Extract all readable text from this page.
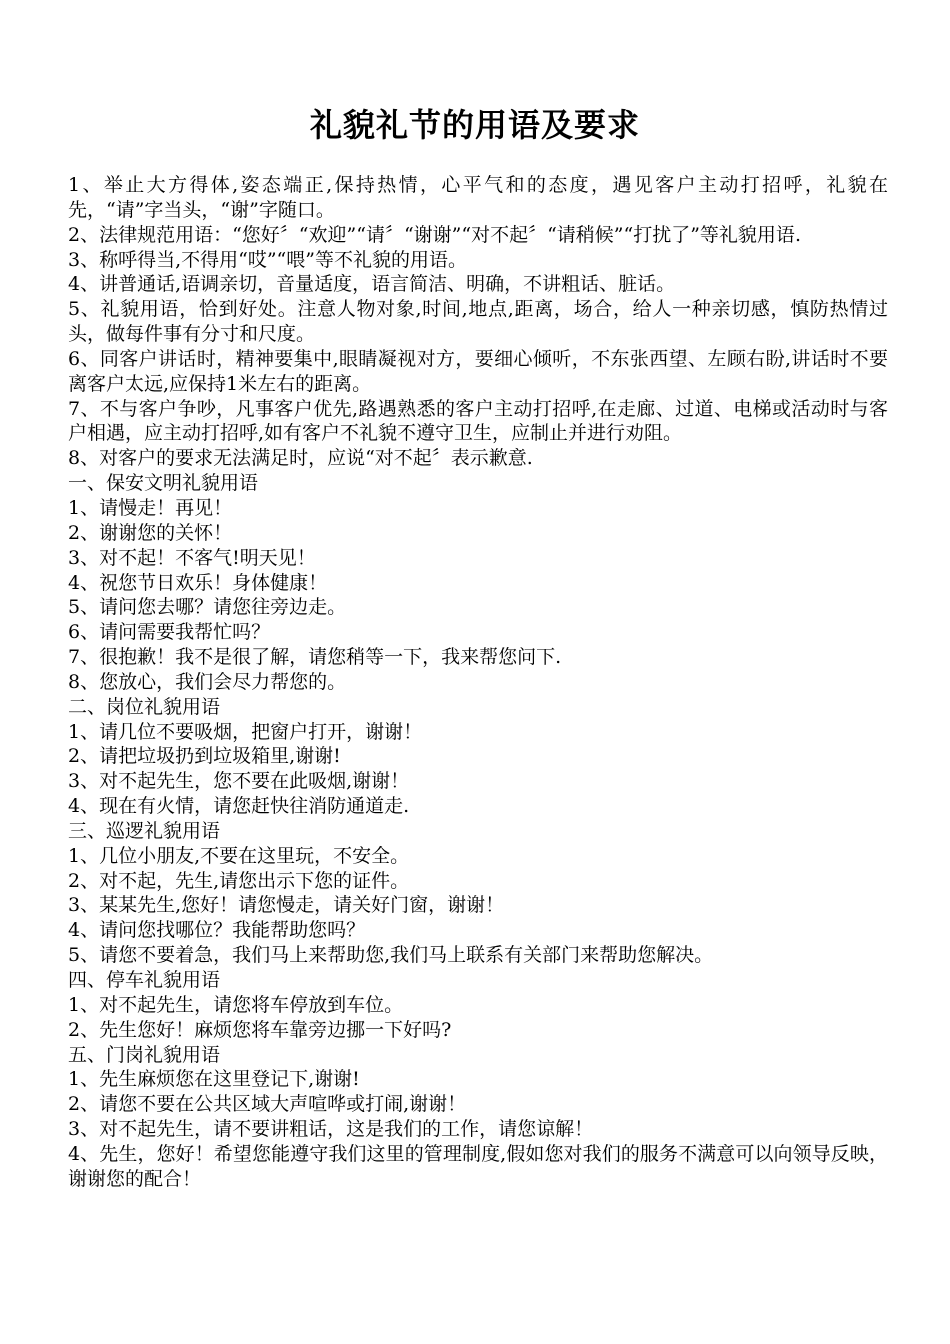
礼貌礼节的用语及要求

1、举止大方得体,姿态端正,保持热情，心平气和的态度，遇见客户主动打招呼，礼貌在先，“请”字当头，“谢”字随口。

2、法律规范用语：“您好〞“欢迎”“请〞“谢谢”“对不起〞“请稍候”“打扰了”等礼貌用语.

3、称呼得当,不得用“哎”“喂”等不礼貌的用语。

4、讲普通话,语调亲切，音量适度，语言简洁、明确，不讲粗话、脏话。

5、礼貌用语，恰到好处。注意人物对象,时间,地点,距离，场合，给人一种亲切感，慎防热情过头，做每件事有分寸和尺度。

6、同客户讲话时，精神要集中,眼睛凝视对方，要细心倾听，不东张西望、左顾右盼,讲话时不要离客户太远,应保持1米左右的距离。

7、不与客户争吵，凡事客户优先,路遇熟悉的客户主动打招呼,在走廊、过道、电梯或活动时与客户相遇，应主动打招呼,如有客户不礼貌不遵守卫生，应制止并进行劝阻。

8、对客户的要求无法满足时，应说“对不起〞表示歉意.

一、保安文明礼貌用语

1、请慢走！再见！

2、谢谢您的关怀！

3、对不起！不客气!明天见！

4、祝您节日欢乐！身体健康！

5、请问您去哪？请您往旁边走。

6、请问需要我帮忙吗？

7、很抱歉！我不是很了解，请您稍等一下，我来帮您问下.

8、您放心，我们会尽力帮您的。

二、岗位礼貌用语

1、请几位不要吸烟，把窗户打开，谢谢！

2、请把垃圾扔到垃圾箱里,谢谢!

3、对不起先生，您不要在此吸烟,谢谢！

4、现在有火情，请您赶快往消防通道走.

三、巡逻礼貌用语

1、几位小朋友,不要在这里玩，不安全。

2、对不起，先生,请您出示下您的证件。

3、某某先生,您好！请您慢走，请关好门窗，谢谢！

4、请问您找哪位？我能帮助您吗？

5、请您不要着急，我们马上来帮助您,我们马上联系有关部门来帮助您解决。

四、停车礼貌用语

1、对不起先生，请您将车停放到车位。

2、先生您好！麻烦您将车靠旁边挪一下好吗?

五、门岗礼貌用语

1、先生麻烦您在这里登记下,谢谢!

2、请您不要在公共区域大声喧哗或打闹,谢谢！

3、对不起先生，请不要讲粗话，这是我们的工作，请您谅解！

4、先生，您好！希望您能遵守我们这里的管理制度,假如您对我们的服务不满意可以向领导反映，谢谢您的配合！
